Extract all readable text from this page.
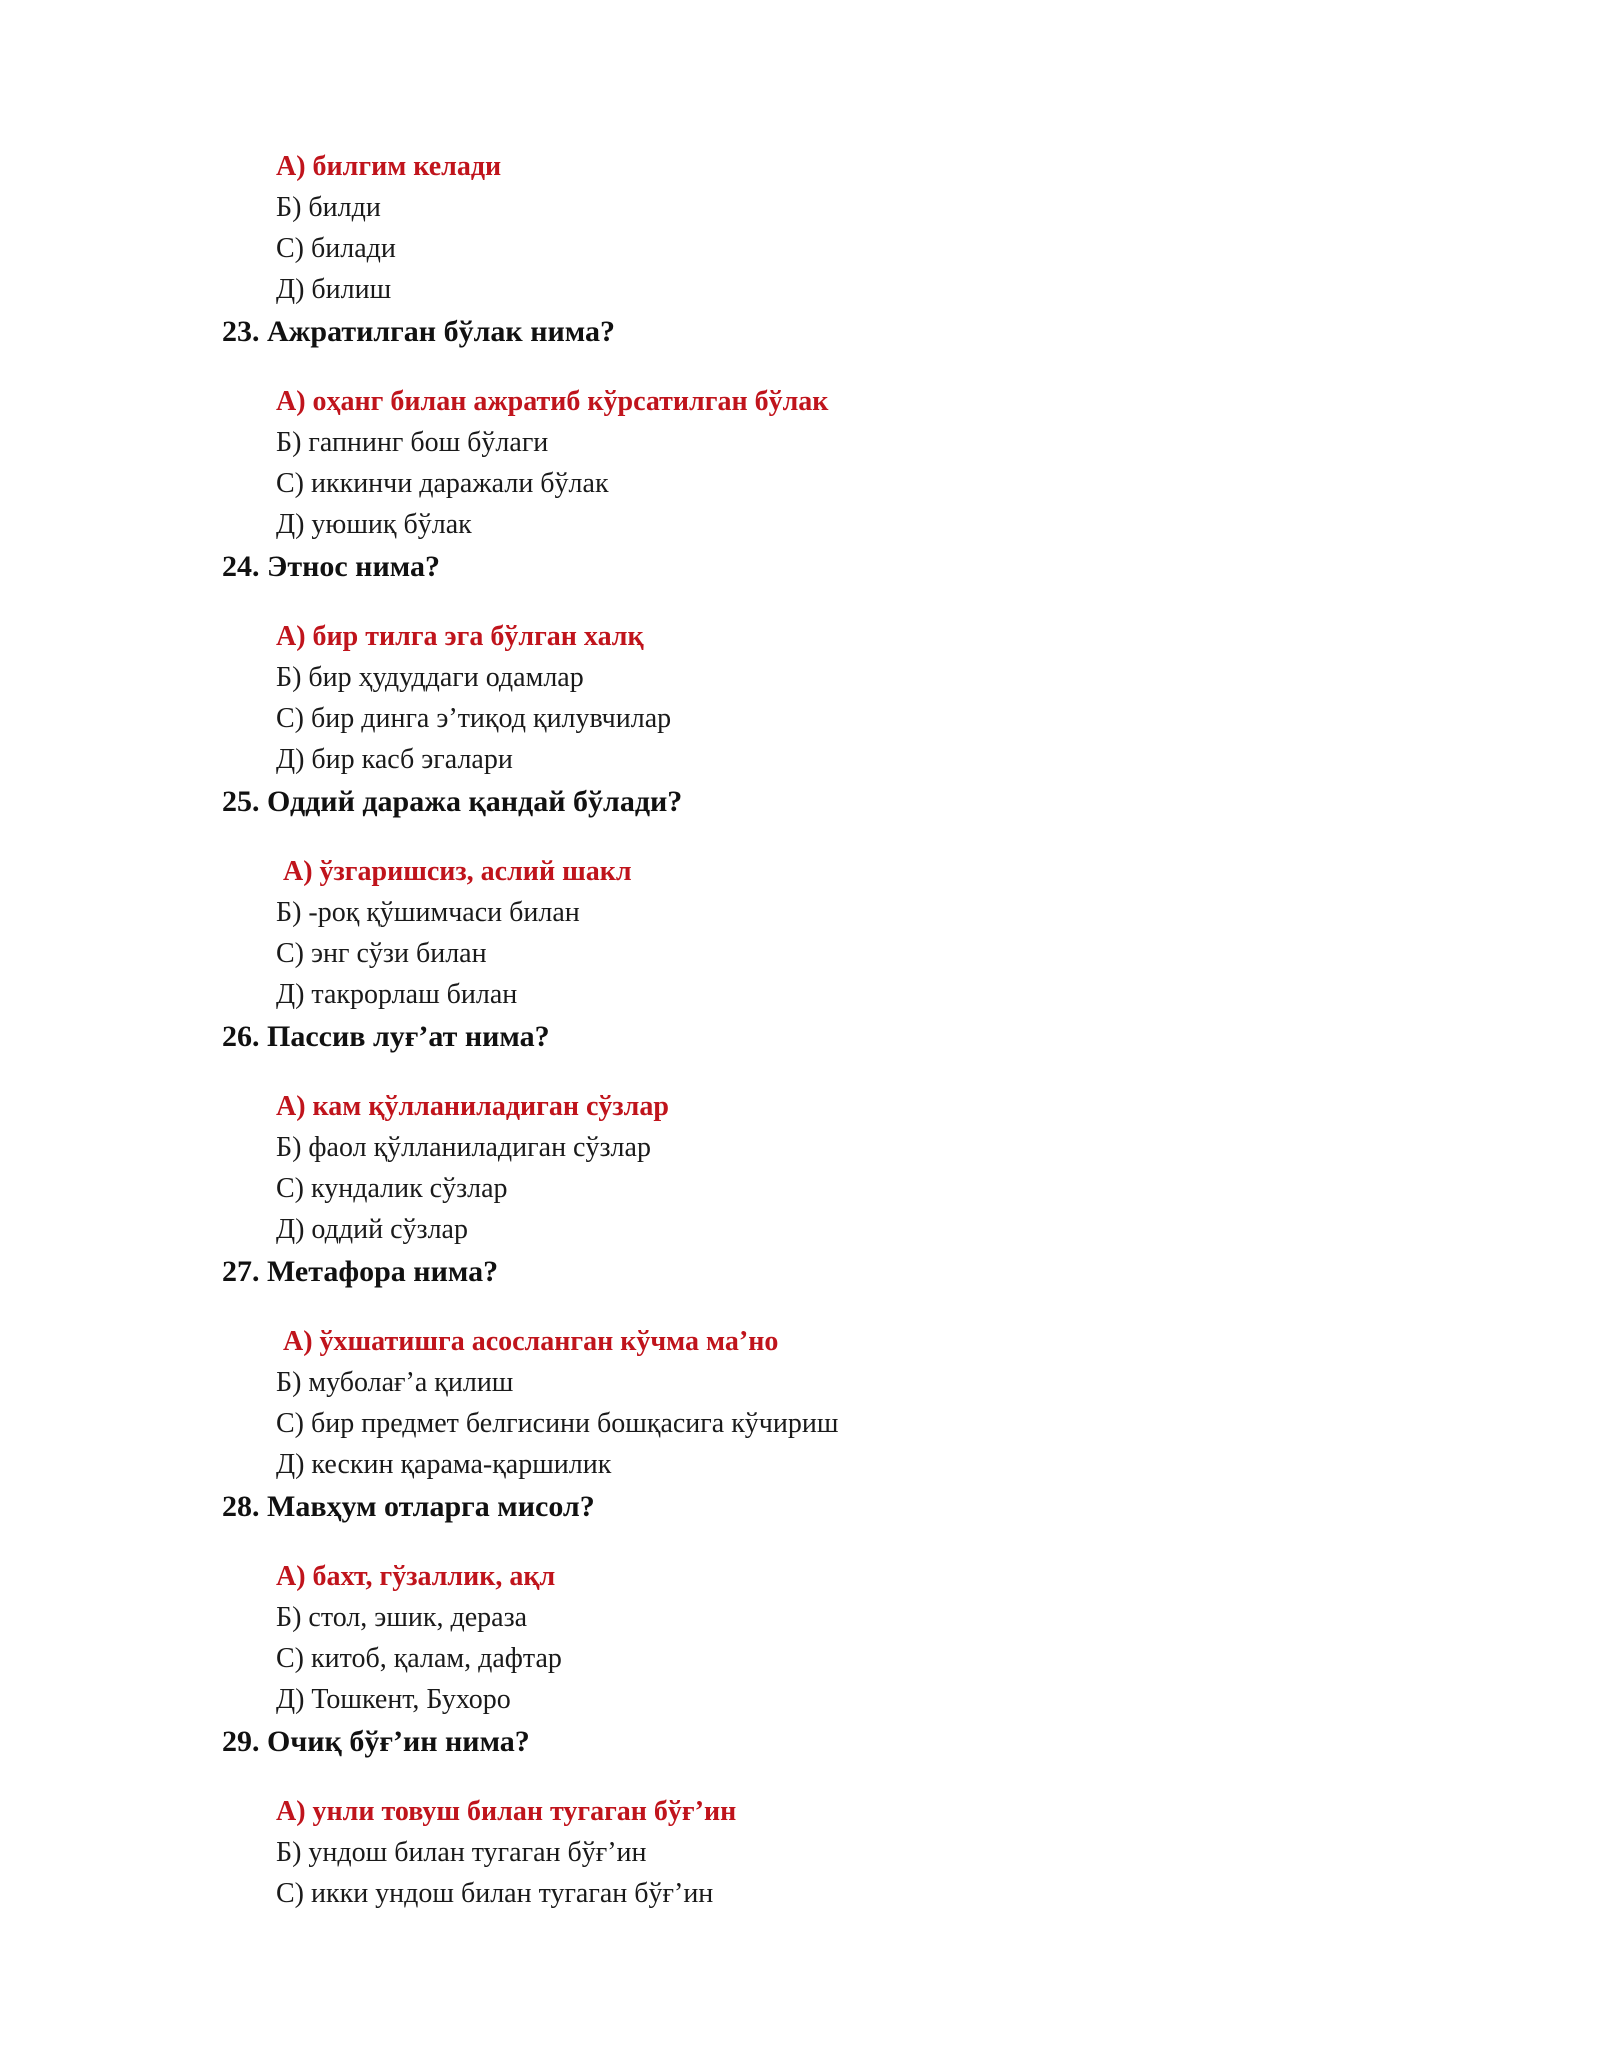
А) билгим келади
Б) билди
С) билади
Д) билиш
23. Ажратилган бўлак нима?
А) оҳанг билан ажратиб кўрсатилган бўлак
Б) гапнинг бош бўлаги
С) иккинчи даражали бўлак
Д) уюшиқ бўлак
24. Этнос нима?
А) бир тилга эга бўлган халқ
Б) бир ҳудуддаги одамлар
С) бир динга э’тиқод қилувчилар
Д) бир касб эгалари
25. Оддий даража қандай бўлади?
А) ўзгаришсиз, аслий шакл
Б) -роқ қўшимчаси билан
С) энг сўзи билан
Д) такрорлаш билан
26. Пассив луғ’ат нима?
А) кам қўлланиладиган сўзлар
Б) фаол қўлланиладиган сўзлар
С) кундалик сўзлар
Д) оддий сўзлар
27. Метафора нима?
А) ўхшатишга асосланган кўчма ма’но
Б) муболағ’а қилиш
С) бир предмет белгисини бошқасига кўчириш
Д) кескин қарама-қаршилик
28. Мавҳум отларга мисол?
А) бахт, гўзаллик, ақл
Б) стол, эшик, дераза
С) китоб, қалам, дафтар
Д) Тошкент, Бухоро
29. Очиқ бўғ’ин нима?
А) унли товуш билан тугаган бўғ’ин
Б) ундош билан тугаган бўғ’ин
С) икки ундош билан тугаган бўғ’ин
